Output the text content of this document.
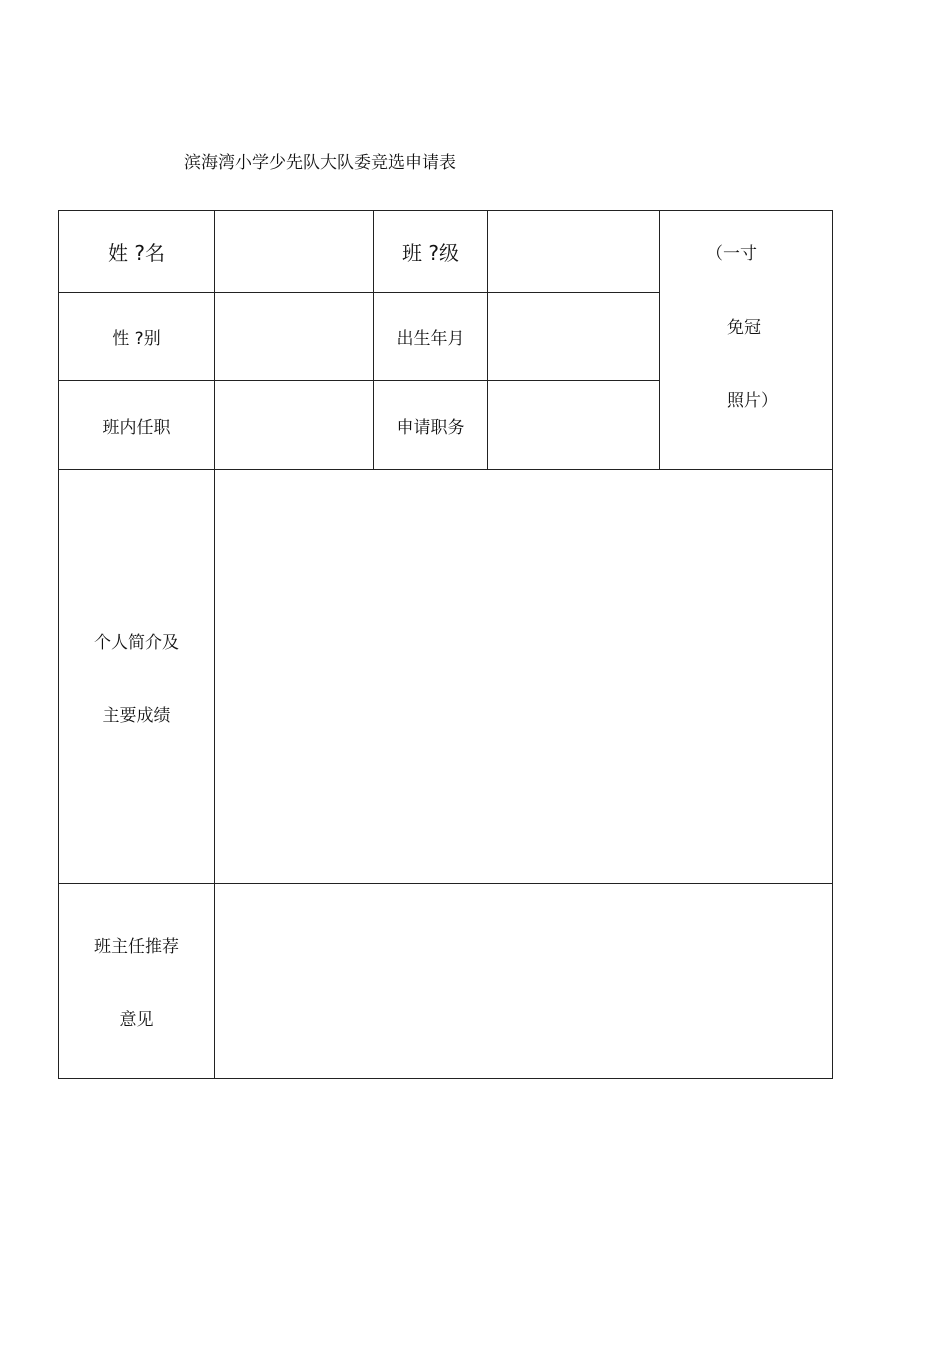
滨海湾小学少先队大队委竞选申请表
姓 ?名	班 ?级	（一寸
免冠
照片）
性 ?别	出生年月
班内任职	申请职务
个人简介及
主要成绩
班主任推荐
意见
